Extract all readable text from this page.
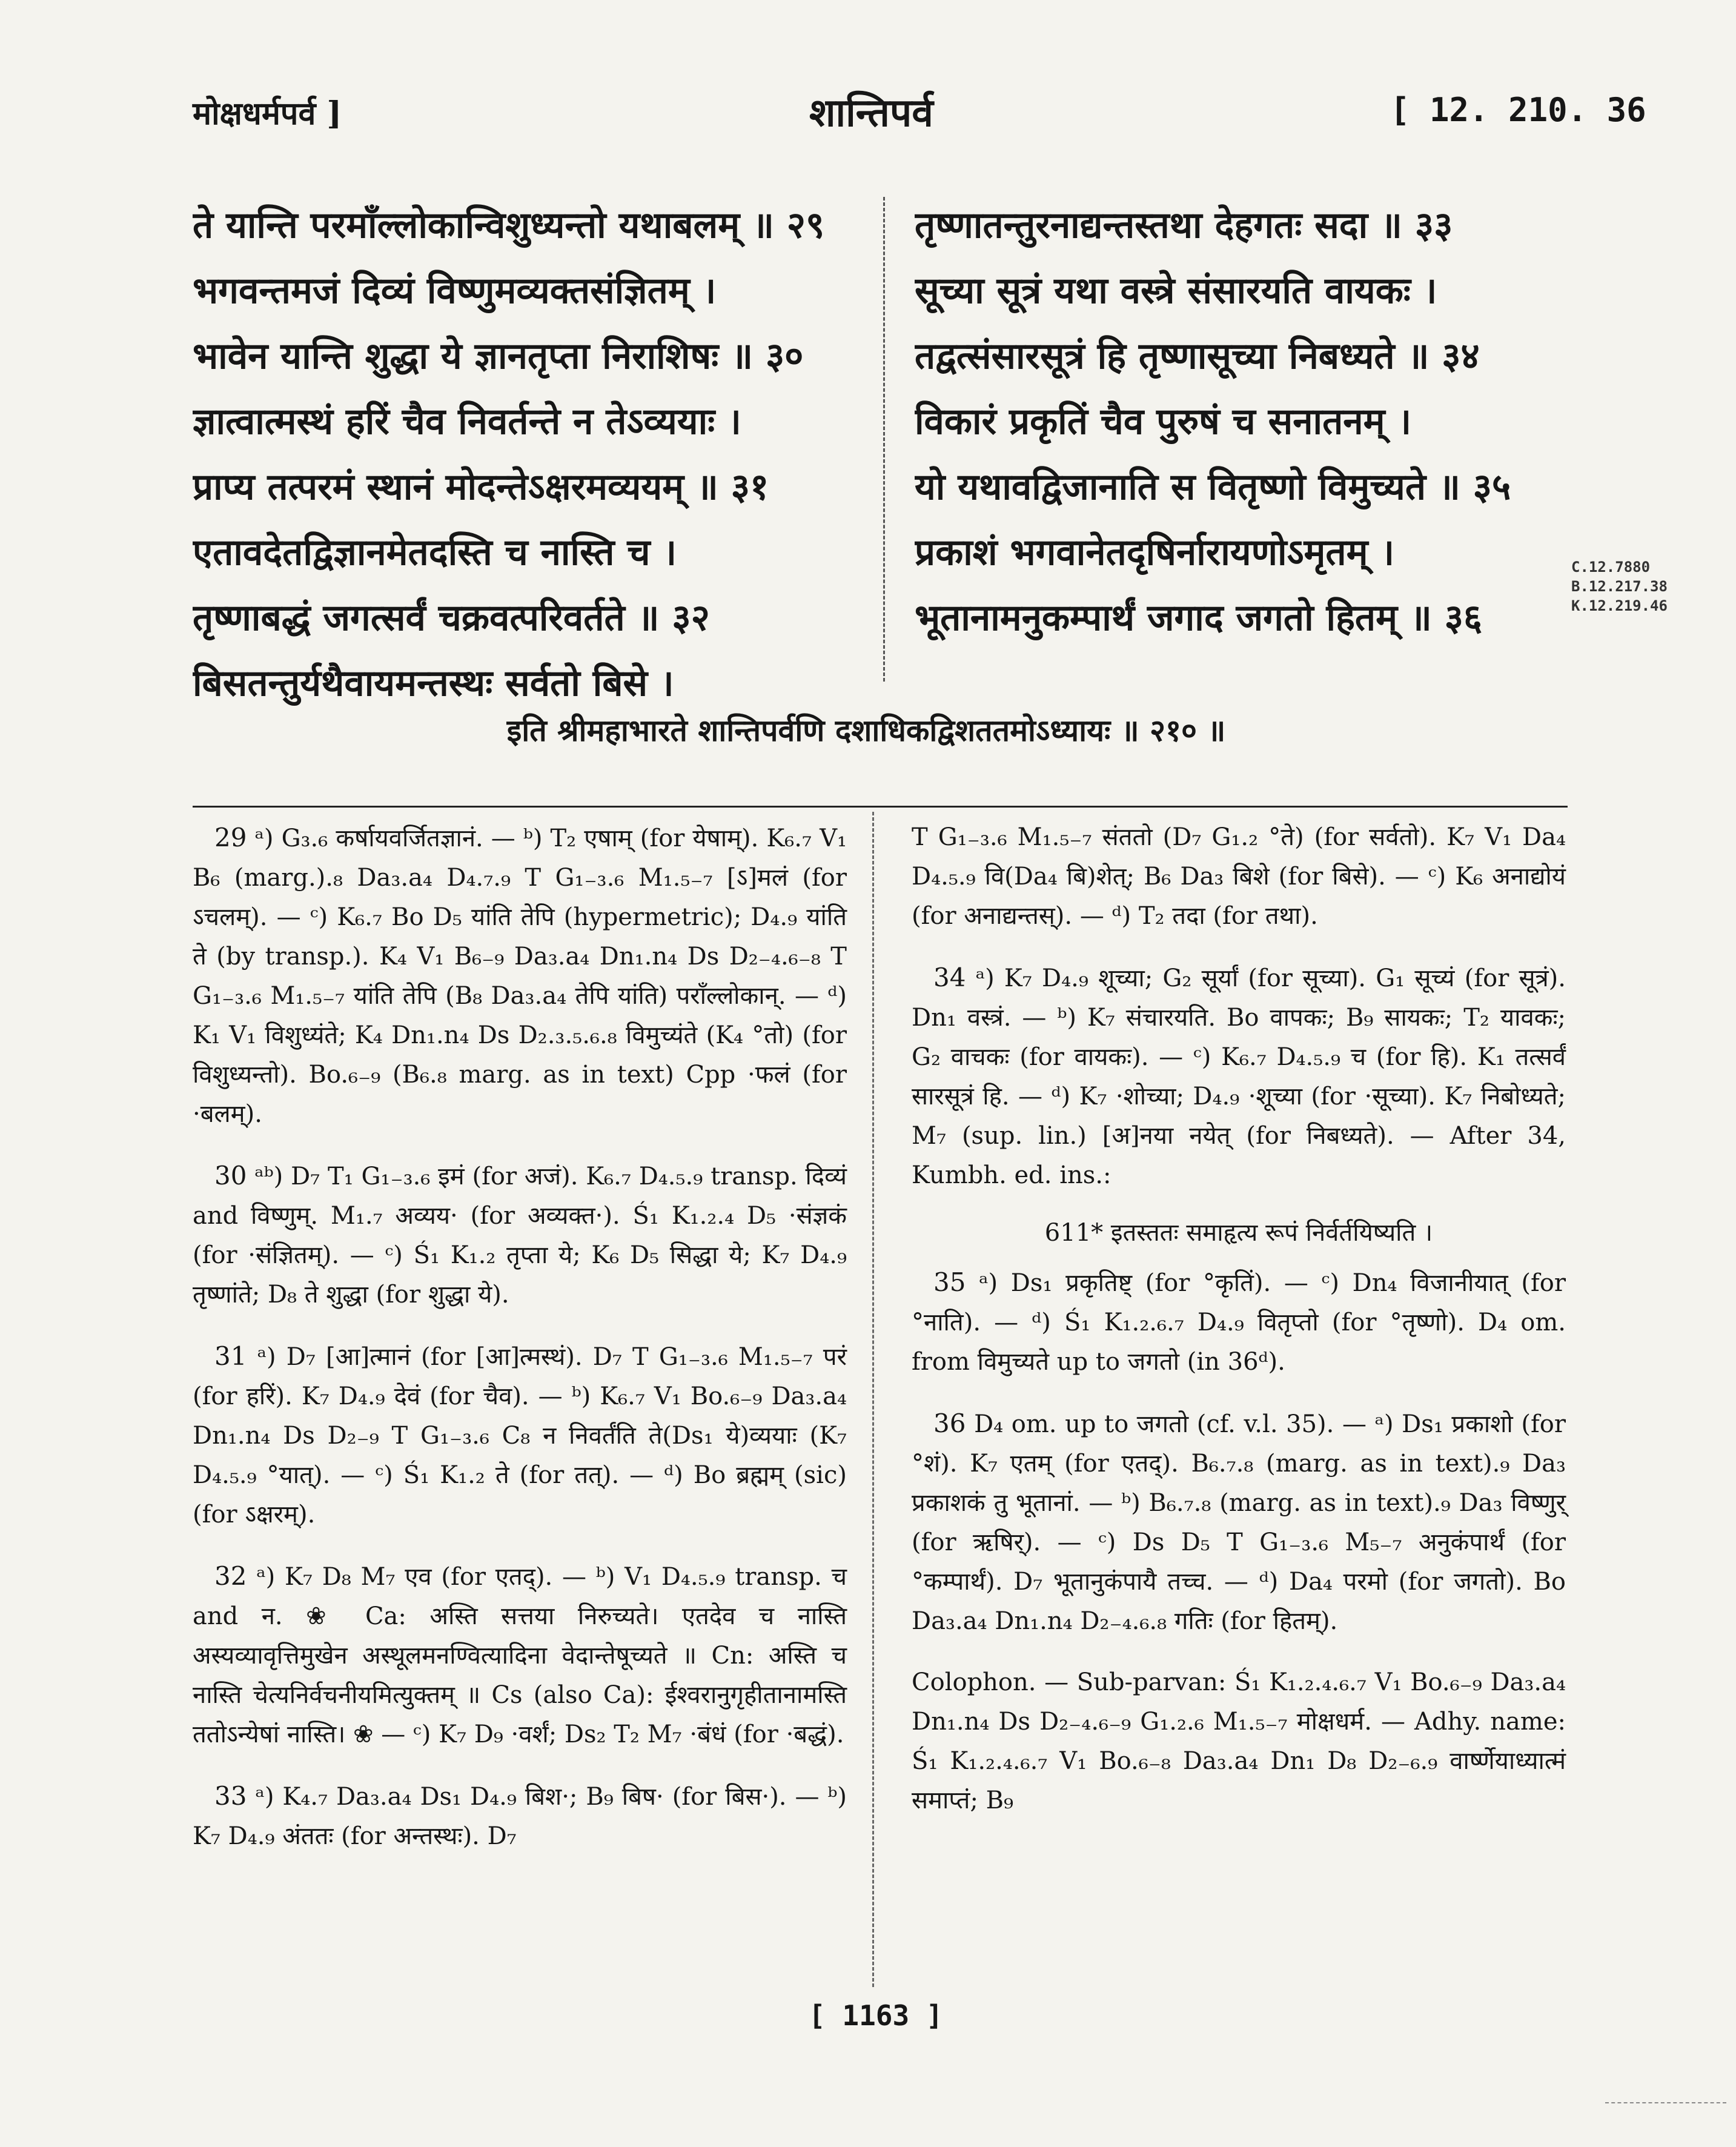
मोक्षधर्मपर्व ]	शान्तिपर्व	[ 12. 210. 36
ते यान्ति परमाँल्लोकान्विशुध्यन्तो यथाबलम् ॥ २९
भगवन्तमजं दिव्यं विष्णुमव्यक्तसंज्ञितम् ।
भावेन यान्ति शुद्धा ये ज्ञानतृप्ता निराशिषः ॥ ३०
ज्ञात्वात्मस्थं हरिं चैव निवर्तन्ते न तेऽव्ययाः ।
प्राप्य तत्परमं स्थानं मोदन्तेऽक्षरमव्ययम् ॥ ३१
एतावदेतद्विज्ञानमेतदस्ति च नास्ति च ।
तृष्णाबद्धं जगत्सर्वं चक्रवत्परिवर्तते ॥ ३२
बिसतन्तुर्यथैवायमन्तस्थः सर्वतो बिसे ।
तृष्णातन्तुरनाद्यन्तस्तथा देहगतः सदा ॥ ३३
सूच्या सूत्रं यथा वस्त्रे संसारयति वायकः ।
तद्वत्संसारसूत्रं हि तृष्णासूच्या निबध्यते ॥ ३४
विकारं प्रकृतिं चैव पुरुषं च सनातनम् ।
यो यथावद्विजानाति स वितृष्णो विमुच्यते ॥ ३५
प्रकाशं भगवानेतदृषिर्नारायणोऽमृतम् ।
भूतानामनुकम्पार्थं जगाद जगतो हितम् ॥ ३६
C.12.7880
B.12.217.38
K.12.219.46
इति श्रीमहाभारते शान्तिपर्वणि दशाधिकद्विशततमोऽध्यायः ॥ २१० ॥

29 ᵃ) G₃.₆ कर्षायवर्जितज्ञानं. — ᵇ) T₂ एषाम् (for येषाम्). K₆.₇ V₁ B₆ (marg.).₈ Da₃.a₄ D₄.₇.₉ T G₁₋₃.₆ M₁.₅₋₇ [ऽ]मलं (for ऽचलम्). — ᶜ) K₆.₇ Bo D₅ यांति तेपि (hypermetric); D₄.₉ यांति ते (by transp.). K₄ V₁ B₆₋₉ Da₃.a₄ Dn₁.n₄ Ds D₂₋₄.₆₋₈ T G₁₋₃.₆ M₁.₅₋₇ यांति तेपि (B₈ Da₃.a₄ तेपि यांति) पराँल्लोकान्. — ᵈ) K₁ V₁ विशुध्यंते; K₄ Dn₁.n₄ Ds D₂.₃.₅.₆.₈ विमुच्यंते (K₄ °तो) (for विशुध्यन्तो). Bo.₆₋₉ (B₆.₈ marg. as in text) Cpp ·फलं (for ·बलम्).

30 ᵃᵇ) D₇ T₁ G₁₋₃.₆ इमं (for अजं). K₆.₇ D₄.₅.₉ transp. दिव्यं and विष्णुम्. M₁.₇ अव्यय· (for अव्यक्त·). Ś₁ K₁.₂.₄ D₅ ·संज्ञकं (for ·संज्ञितम्). — ᶜ) Ś₁ K₁.₂ तृप्ता ये; K₆ D₅ सिद्धा ये; K₇ D₄.₉ तृष्णांते; D₈ ते शुद्धा (for शुद्धा ये).

31 ᵃ) D₇ [आ]त्मानं (for [आ]त्मस्थं). D₇ T G₁₋₃.₆ M₁.₅₋₇ परं (for हरिं). K₇ D₄.₉ देवं (for चैव). — ᵇ) K₆.₇ V₁ Bo.₆₋₉ Da₃.a₄ Dn₁.n₄ Ds D₂₋₉ T G₁₋₃.₆ C₈ न निवर्तंति ते(Ds₁ ये)व्ययाः (K₇ D₄.₅.₉ °यात्). — ᶜ) Ś₁ K₁.₂ ते (for तत्). — ᵈ) Bo ब्रह्मम् (sic) (for ऽक्षरम्).

32 ᵃ) K₇ D₈ M₇ एव (for एतद्). — ᵇ) V₁ D₄.₅.₉ transp. च and न. ❀ Ca: अस्ति सत्तया निरुच्यते। एतदेव च नास्ति अस्यव्यावृत्तिमुखेन अस्थूलमनण्वित्यादिना वेदान्तेषूच्यते ॥ Cn: अस्ति च नास्ति चेत्यनिर्वचनीयमित्युक्तम् ॥ Cs (also Ca): ईश्वरानुगृहीतानामस्ति ततोऽन्येषां नास्ति। ❀ — ᶜ) K₇ D₉ ·वर्शं; Ds₂ T₂ M₇ ·बंधं (for ·बद्धं).

33 ᵃ) K₄.₇ Da₃.a₄ Ds₁ D₄.₉ बिश·; B₉ बिष· (for बिस·). — ᵇ) K₇ D₄.₉ अंततः (for अन्तस्थः). D₇

T G₁₋₃.₆ M₁.₅₋₇ संततो (D₇ G₁.₂ °ते) (for सर्वतो). K₇ V₁ Da₄ D₄.₅.₉ वि(Da₄ बि)शेत्; B₆ Da₃ बिशे (for बिसे). — ᶜ) K₆ अनाद्योयं (for अनाद्यन्तस्). — ᵈ) T₂ तदा (for तथा).

34 ᵃ) K₇ D₄.₉ शूच्या; G₂ सूर्यां (for सूच्या). G₁ सूच्यं (for सूत्रं). Dn₁ वस्त्रं. — ᵇ) K₇ संचारयति. Bo वापकः; B₉ सायकः; T₂ यावकः; G₂ वाचकः (for वायकः). — ᶜ) K₆.₇ D₄.₅.₉ च (for हि). K₁ तत्सर्वं सारसूत्रं हि. — ᵈ) K₇ ·शोच्या; D₄.₉ ·शूच्या (for ·सूच्या). K₇ निबोध्यते; M₇ (sup. lin.) [अ]नया नयेत् (for निबध्यते). — After 34, Kumbh. ed. ins.:

611* इतस्ततः समाहृत्य रूपं निर्वर्तयिष्यति ।

35 ᵃ) Ds₁ प्रकृतिष्ट् (for °कृतिं). — ᶜ) Dn₄ विजानीयात् (for °नाति). — ᵈ) Ś₁ K₁.₂.₆.₇ D₄.₉ वितृप्तो (for °तृष्णो). D₄ om. from विमुच्यते up to जगतो (in 36ᵈ).

36 D₄ om. up to जगतो (cf. v.l. 35). — ᵃ) Ds₁ प्रकाशो (for °शं). K₇ एतम् (for एतद्). B₆.₇.₈ (marg. as in text).₉ Da₃ प्रकाशकं तु भूतानां. — ᵇ) B₆.₇.₈ (marg. as in text).₉ Da₃ विष्णुर् (for ऋषिर्). — ᶜ) Ds D₅ T G₁₋₃.₆ M₅₋₇ अनुकंपार्थं (for °कम्पार्थं). D₇ भूतानुकंपायै तच्च. — ᵈ) Da₄ परमो (for जगतो). Bo Da₃.a₄ Dn₁.n₄ D₂₋₄.₆.₈ गतिः (for हितम्).

Colophon. — Sub-parvan: Ś₁ K₁.₂.₄.₆.₇ V₁ Bo.₆₋₉ Da₃.a₄ Dn₁.n₄ Ds D₂₋₄.₆₋₉ G₁.₂.₆ M₁.₅₋₇ मोक्षधर्म. — Adhy. name: Ś₁ K₁.₂.₄.₆.₇ V₁ Bo.₆₋₈ Da₃.a₄ Dn₁ D₈ D₂₋₆.₉ वार्ष्णेयाध्यात्मं समाप्तं; B₉

[ 1163 ]
